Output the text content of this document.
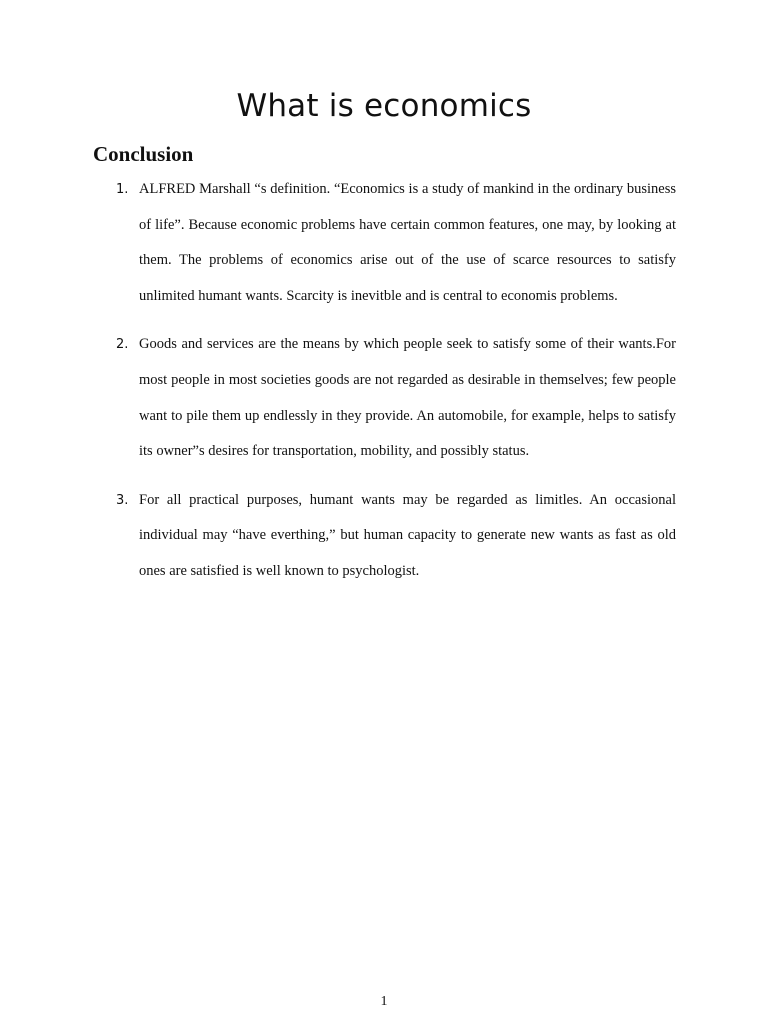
What is economics
Conclusion
1. ALFRED Marshall “s definition. “Economics is a study of mankind in the ordinary business of life”. Because economic problems have certain common features, one may, by looking at them. The problems of economics arise out of the use of scarce resources to satisfy unlimited humant wants. Scarcity is inevitble and is central to economis problems.

2. Goods and services are the means by which people seek to satisfy some of their wants.For most people in most societies goods are not regarded as desirable in themselves; few people want to pile them up endlessly in they provide. An automobile, for example, helps to satisfy its owner”s desires for transportation, mobility, and possibly status.

3. For all practical purposes, humant wants may be regarded as limitles. An occasional individual may “have everthing,” but human capacity to generate new wants as fast as old ones are satisfied is well known to psychologist.

1
